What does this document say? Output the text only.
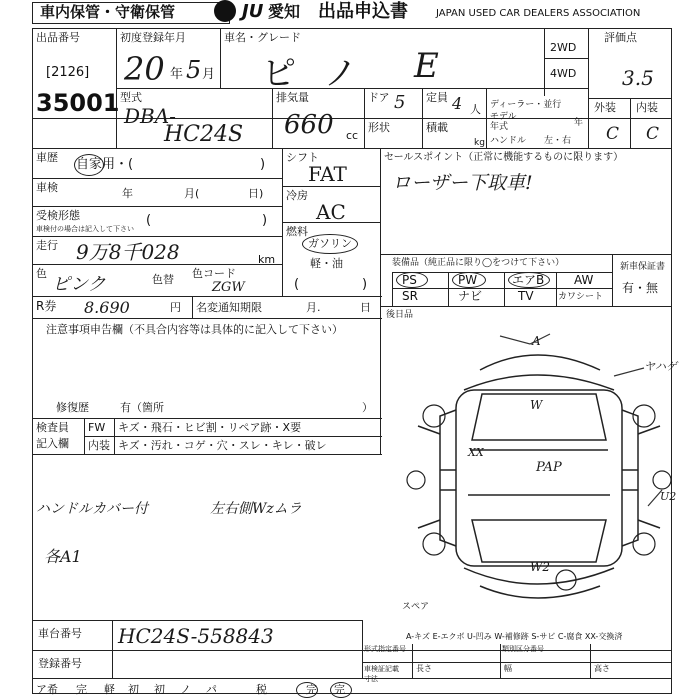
車内保管・守衛保管	JU 愛知 出品申込書	JAPAN USED CAR DEALERS ASSOCIATION
出品番号
[2126]
35001
初度登録年月
20 年 5 月
車名・グレード
ピノ E	2WD
4WD
評価点
3.5
外装 内装
C C
型式
DBA-
HC24S
排気量
660 cc
ドア 5 定員 4 人
形状	積載
kg
ディーラー・並行
モデル
年式	年
ハンドル 左・右
車歴 自家用・(	)
車検	年	月(	日)
受検形態
車検付の場合は記入して下さい
(	)
走行 9万8千028	km
色
ピンク	色替 色コード
ZGW
シフト
FAT
冷房
AC
燃料
ガソリン
軽・油
(	)
セールスポイント（正常に機能するものに限ります）
ローザー下取車!
装備品（純正品に限り◯をつけて下さい）
PS	PW	エアB AW
SR	ナビ	TV	カワシート
新車保証書
有・無
R券 8.690	円 名変通知期限	月.	日
後日品
注意事項申告欄（不具合内容等は具体的に記入して下さい）
修復歴	有（箇所	）
検査員
記入欄
FW キズ・飛石・ヒビ割・リペア跡・X要
内装 キズ・汚れ・コゲ・穴・スレ・キレ・破レ
ハンドルカバー付	左右側Wzムラ
各A1
A
ヤハゲ
W
XX
PAP
U2
W2
スペア
A-キズ E-エクボ U-凹み W-補修跡 S-サビ C-腐食 XX-交換済
車台番号 HC24S-558843
登録番号
形式指定番号	類別区分番号
車検証記載 長さ	高さ
寸法
幅
ア希 完 軽 初 初 ノ パ	税	完 完
